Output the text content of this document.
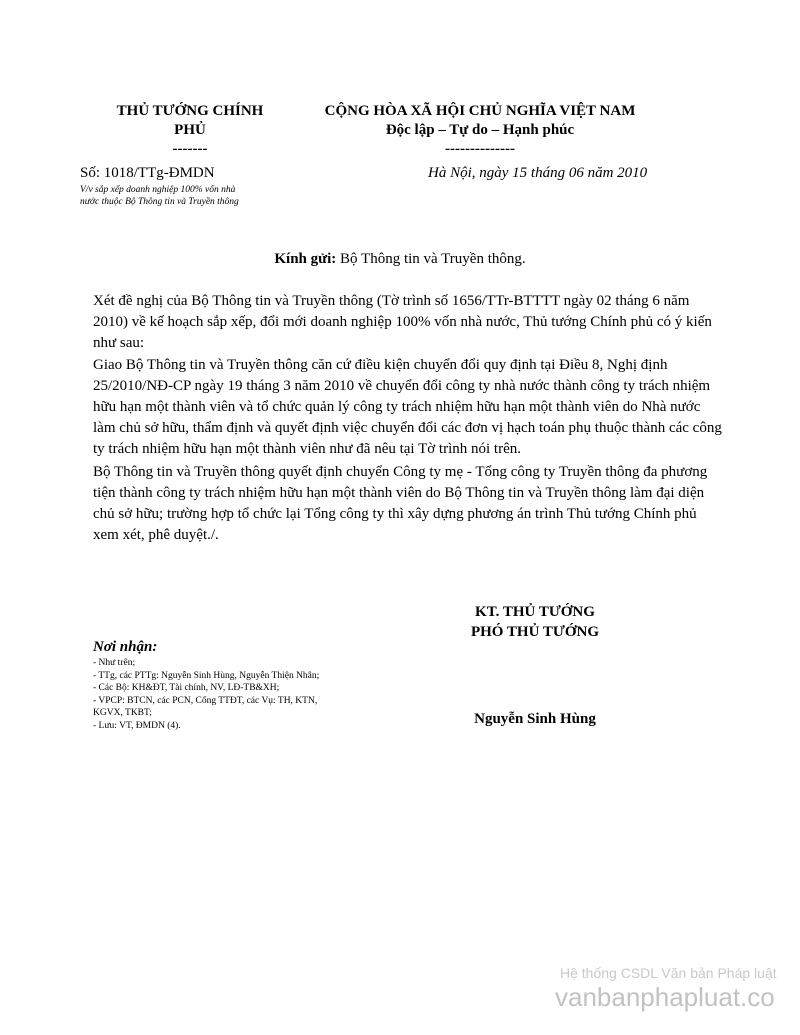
THỦ TƯỚNG CHÍNH
PHỦ
-------
CỘNG HÒA XÃ HỘI CHỦ NGHĨA VIỆT NAM
Độc lập – Tự do – Hạnh phúc
--------------
Số: 1018/TTg-ĐMDN
V/v sắp xếp doanh nghiệp 100% vốn nhà
nước thuộc Bộ Thông tin và Truyền thông
Hà Nội, ngày 15 tháng 06 năm 2010
Kính gửi: Bộ Thông tin và Truyền thông.
Xét đề nghị của Bộ Thông tin và Truyền thông (Tờ trình số 1656/TTr-BTTTT ngày 02 tháng 6 năm 2010) về kế hoạch sắp xếp, đổi mới doanh nghiệp 100% vốn nhà nước, Thủ tướng Chính phủ có ý kiến như sau:
Giao Bộ Thông tin và Truyền thông căn cứ điều kiện chuyển đổi quy định tại Điều 8, Nghị định 25/2010/NĐ-CP ngày 19 tháng 3 năm 2010 về chuyển đổi công ty nhà nước thành công ty trách nhiệm hữu hạn một thành viên và tổ chức quản lý công ty trách nhiệm hữu hạn một thành viên do Nhà nước làm chủ sở hữu, thẩm định và quyết định việc chuyển đổi các đơn vị hạch toán phụ thuộc thành các công ty trách nhiệm hữu hạn một thành viên như đã nêu tại Tờ trình nói trên.
Bộ Thông tin và Truyền thông quyết định chuyển Công ty mẹ - Tổng công ty Truyền thông đa phương tiện thành công ty trách nhiệm hữu hạn một thành viên do Bộ Thông tin và Truyền thông làm đại diện chủ sở hữu; trường hợp tổ chức lại Tổng công ty thì xây dựng phương án trình Thủ tướng Chính phủ xem xét, phê duyệt./.
KT. THỦ TƯỚNG
PHÓ THỦ TƯỚNG
Nguyễn Sinh Hùng
Nơi nhận:
- Như trên;
- TTg, các PTTg: Nguyễn Sinh Hùng, Nguyễn Thiện Nhân;
- Các Bộ: KH&ĐT, Tài chính, NV, LĐ-TB&XH;
- VPCP: BTCN, các PCN, Cổng TTĐT, các Vụ: TH, KTN,
KGVX, TKBT;
- Lưu: VT, ĐMDN (4).
Hệ thống CSDL Văn bản Pháp luật
vanbanphapluat.co
